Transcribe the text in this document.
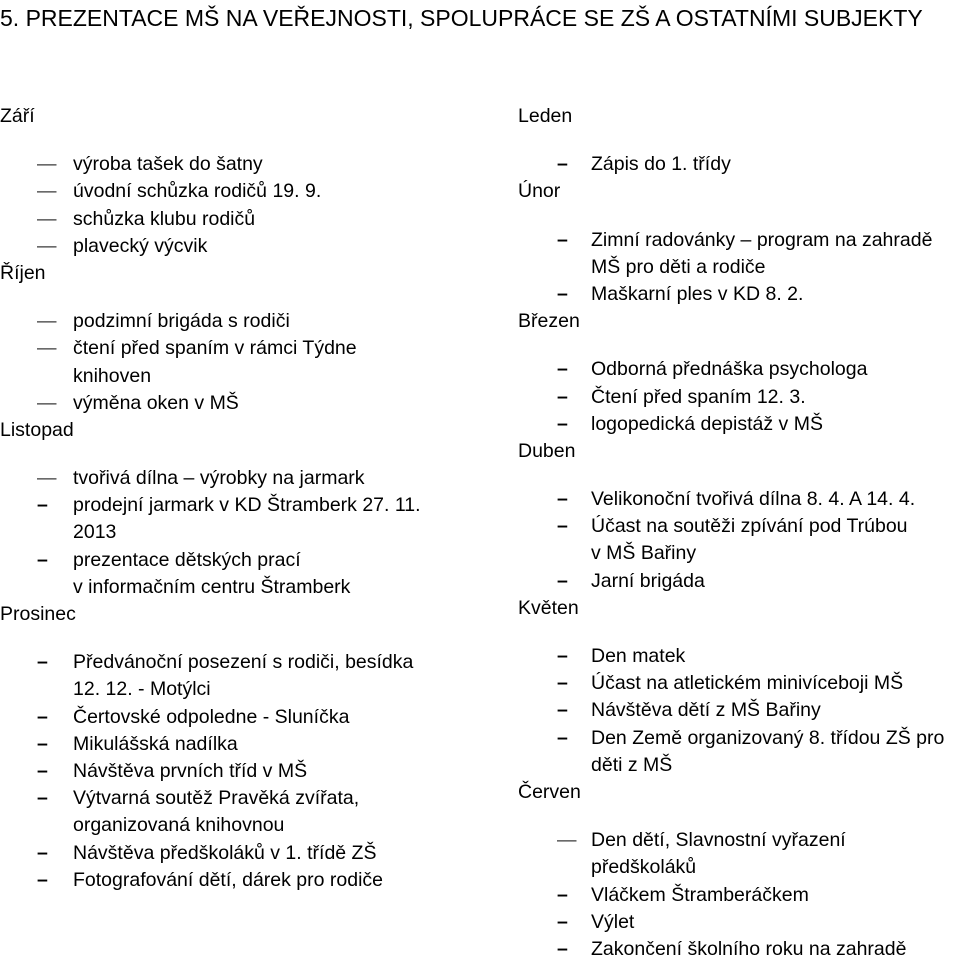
5. PREZENTACE MŠ NA VEŘEJNOSTI, SPOLUPRÁCE SE ZŠ A OSTATNÍMI SUBJEKTY
Září
— výroba tašek do šatny
— úvodní schůzka rodičů 19. 9.
— schůzka klubu rodičů
— plavecký výcvik
Říjen
— podzimní brigáda s rodiči
— čtení před spaním v rámci Týdne
knihoven
— výměna oken v MŠ
Listopad
— tvořivá dílna – výrobky na jarmark
–	prodejní jarmark v KD Štramberk 27. 11.
2013
–	prezentace dětských prací
v informačním centru Štramberk
Prosinec
–	Předvánoční posezení s rodiči, besídka
12. 12. - Motýlci
–	Čertovské odpoledne - Sluníčka
–	Mikulášská nadílka
–	Návštěva prvních tříd v MŠ
–	Výtvarná soutěž Pravěká zvířata,
organizovaná knihovnou
–	Návštěva předškoláků v 1. třídě ZŠ
–	Fotografování dětí, dárek pro rodiče
Leden
–	Zápis do 1. třídy
Únor
–	Zimní radovánky – program na zahradě
MŠ pro děti a rodiče
–	Maškarní ples v KD 8. 2.
Březen
–	Odborná přednáška psychologa
–	Čtení před spaním 12. 3.
–	logopedická depistáž v MŠ
Duben
–	Velikonoční tvořivá dílna 8. 4. A 14. 4.
–	Účast na soutěži zpívání pod Trúbou
v MŠ Bařiny
–	Jarní brigáda
Květen
–	Den matek
–	Účast na atletickém minivíceboji MŠ
–	Návštěva dětí z MŠ Bařiny
–	Den Země organizovaný 8. třídou ZŠ pro
děti z MŠ
Červen
— Den dětí, Slavnostní vyřazení
předškoláků
–	Vláčkem Štramberáčkem
–	Výlet
–	Zakončení školního roku na zahradě
